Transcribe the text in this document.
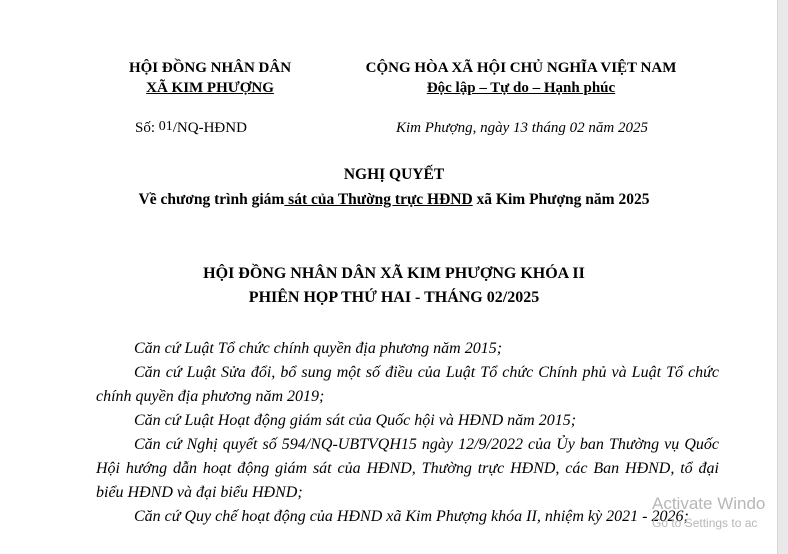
HỘI ĐỒNG NHÂN DÂN
XÃ KIM PHƯỢNG
CỘNG HÒA XÃ HỘI CHỦ NGHĨA VIỆT NAM
Độc lập – Tự do – Hạnh phúc
Số: 01/NQ-HĐND	Kim Phượng, ngày 13 tháng 02 năm 2025
NGHỊ QUYẾT
Về chương trình giám sát của Thường trực HĐND xã Kim Phượng năm 2025
HỘI ĐỒNG NHÂN DÂN XÃ KIM PHƯỢNG KHÓA II
PHIÊN HỌP THỨ HAI - THÁNG 02/2025

Căn cứ Luật Tổ chức chính quyền địa phương năm 2015;

Căn cứ Luật Sửa đổi, bổ sung một số điều của Luật Tổ chức Chính phủ và Luật Tổ chức chính quyền địa phương năm 2019;

Căn cứ Luật Hoạt động giám sát của Quốc hội và HĐND năm 2015;

Căn cứ Nghị quyết số 594/NQ-UBTVQH15 ngày 12/9/2022 của Ủy ban Thường vụ Quốc Hội hướng dẫn hoạt động giám sát của HĐND, Thường trực HĐND, các Ban HĐND, tổ đại biểu HĐND và đại biểu HĐND;

Căn cứ Quy chế hoạt động của HĐND xã Kim Phượng khóa II, nhiệm kỳ 2021 - 2026;

Activate Windo
Go to Settings to ac
